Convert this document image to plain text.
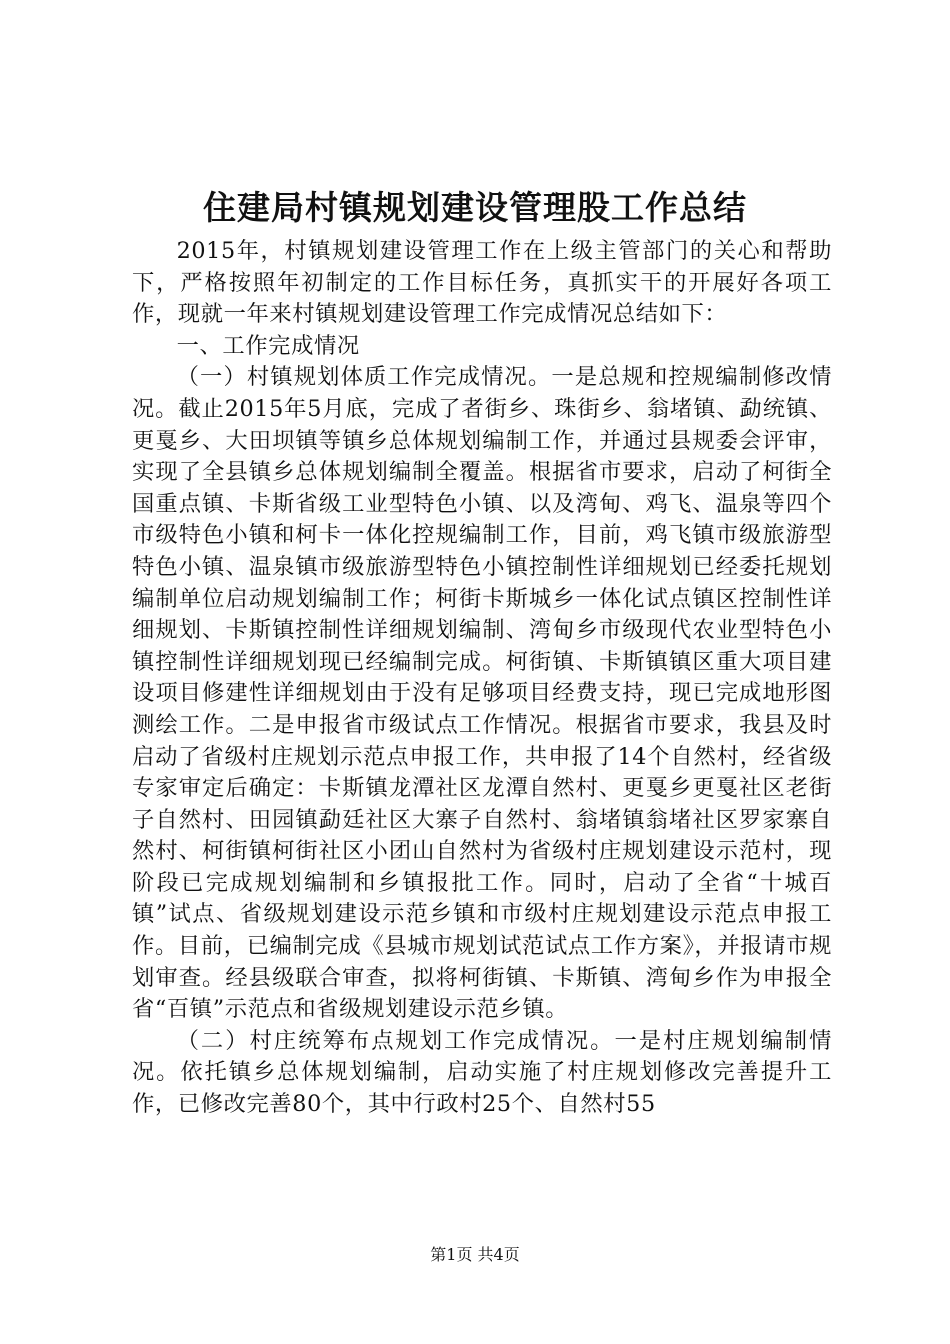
住建局村镇规划建设管理股工作总结

2015年，村镇规划建设管理工作在上级主管部门的关心和帮助下，严格按照年初制定的工作目标任务，真抓实干的开展好各项工作，现就一年来村镇规划建设管理工作完成情况总结如下：

一、工作完成情况

（一）村镇规划体质工作完成情况。一是总规和控规编制修改情况。截止2015年5月底，完成了者街乡、珠街乡、翁堵镇、勐统镇、更戛乡、大田坝镇等镇乡总体规划编制工作，并通过县规委会评审，实现了全县镇乡总体规划编制全覆盖。根据省市要求，启动了柯街全国重点镇、卡斯省级工业型特色小镇、以及湾甸、鸡飞、温泉等四个市级特色小镇和柯卡一体化控规编制工作，目前，鸡飞镇市级旅游型特色小镇、温泉镇市级旅游型特色小镇控制性详细规划已经委托规划编制单位启动规划编制工作；柯街卡斯城乡一体化试点镇区控制性详细规划、卡斯镇控制性详细规划编制、湾甸乡市级现代农业型特色小镇控制性详细规划现已经编制完成。柯街镇、卡斯镇镇区重大项目建设项目修建性详细规划由于没有足够项目经费支持，现已完成地形图测绘工作。二是申报省市级试点工作情况。根据省市要求，我县及时启动了省级村庄规划示范点申报工作，共申报了14个自然村，经省级专家审定后确定：卡斯镇龙潭社区龙潭自然村、更戛乡更戛社区老街子自然村、田园镇勐廷社区大寨子自然村、翁堵镇翁堵社区罗家寨自然村、柯街镇柯街社区小团山自然村为省级村庄规划建设示范村，现阶段已完成规划编制和乡镇报批工作。同时，启动了全省“十城百镇”试点、省级规划建设示范乡镇和市级村庄规划建设示范点申报工作。目前，已编制完成《县城市规划试范试点工作方案》，并报请市规划审查。经县级联合审查，拟将柯街镇、卡斯镇、湾甸乡作为申报全省“百镇”示范点和省级规划建设示范乡镇。

（二）村庄统筹布点规划工作完成情况。一是村庄规划编制情况。依托镇乡总体规划编制，启动实施了村庄规划修改完善提升工作，已修改完善80个，其中行政村25个、自然村55

第1页 共4页
